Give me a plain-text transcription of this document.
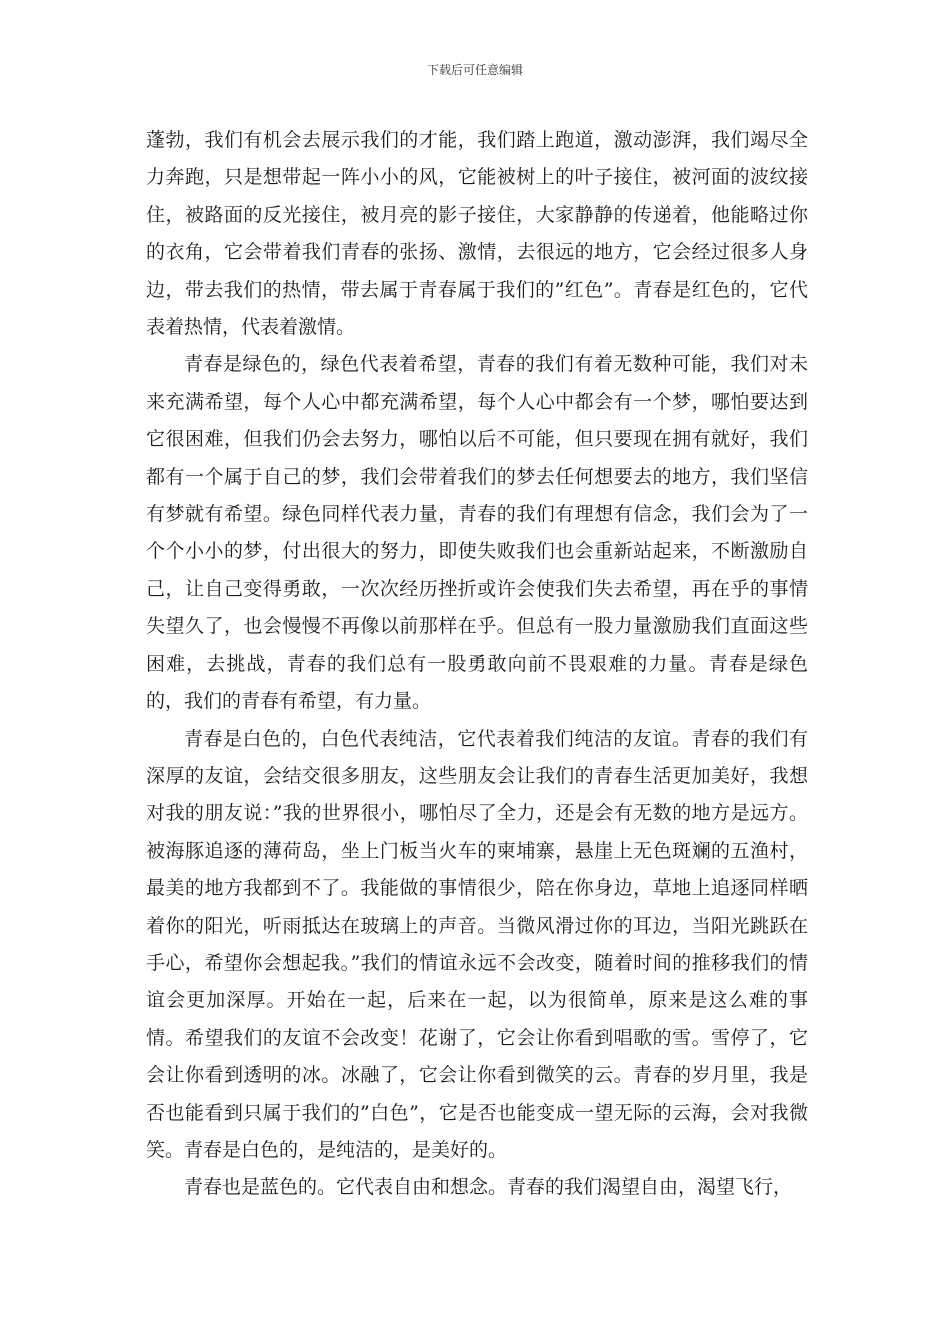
下载后可任意编辑

蓬勃，我们有机会去展示我们的才能，我们踏上跑道，激动澎湃，我们竭尽全力奔跑，只是想带起一阵小小的风，它能被树上的叶子接住，被河面的波纹接住，被路面的反光接住，被月亮的影子接住，大家静静的传递着，他能略过你的衣角，它会带着我们青春的张扬、激情，去很远的地方，它会经过很多人身边，带去我们的热情，带去属于青春属于我们的”红色”。青春是红色的，它代表着热情，代表着激情。

青春是绿色的，绿色代表着希望，青春的我们有着无数种可能，我们对未来充满希望，每个人心中都充满希望，每个人心中都会有一个梦，哪怕要达到它很困难，但我们仍会去努力，哪怕以后不可能，但只要现在拥有就好，我们都有一个属于自己的梦，我们会带着我们的梦去任何想要去的地方，我们坚信有梦就有希望。绿色同样代表力量，青春的我们有理想有信念，我们会为了一个个小小的梦，付出很大的努力，即使失败我们也会重新站起来，不断激励自己，让自己变得勇敢，一次次经历挫折或许会使我们失去希望，再在乎的事情失望久了，也会慢慢不再像以前那样在乎。但总有一股力量激励我们直面这些困难，去挑战，青春的我们总有一股勇敢向前不畏艰难的力量。青春是绿色的，我们的青春有希望，有力量。

青春是白色的，白色代表纯洁，它代表着我们纯洁的友谊。青春的我们有深厚的友谊，会结交很多朋友，这些朋友会让我们的青春生活更加美好，我想对我的朋友说：”我的世界很小，哪怕尽了全力，还是会有无数的地方是远方。被海豚追逐的薄荷岛，坐上门板当火车的柬埔寨，悬崖上无色斑斓的五渔村，最美的地方我都到不了。我能做的事情很少，陪在你身边，草地上追逐同样晒着你的阳光，听雨抵达在玻璃上的声音。当微风滑过你的耳边，当阳光跳跃在手心，希望你会想起我。”我们的情谊永远不会改变，随着时间的推移我们的情谊会更加深厚。开始在一起，后来在一起，以为很简单，原来是这么难的事情。希望我们的友谊不会改变！花谢了，它会让你看到唱歌的雪。雪停了，它会让你看到透明的冰。冰融了，它会让你看到微笑的云。青春的岁月里，我是否也能看到只属于我们的”白色”，它是否也能变成一望无际的云海，会对我微笑。青春是白色的，是纯洁的，是美好的。

青春也是蓝色的。它代表自由和想念。青春的我们渴望自由，渴望飞行，
